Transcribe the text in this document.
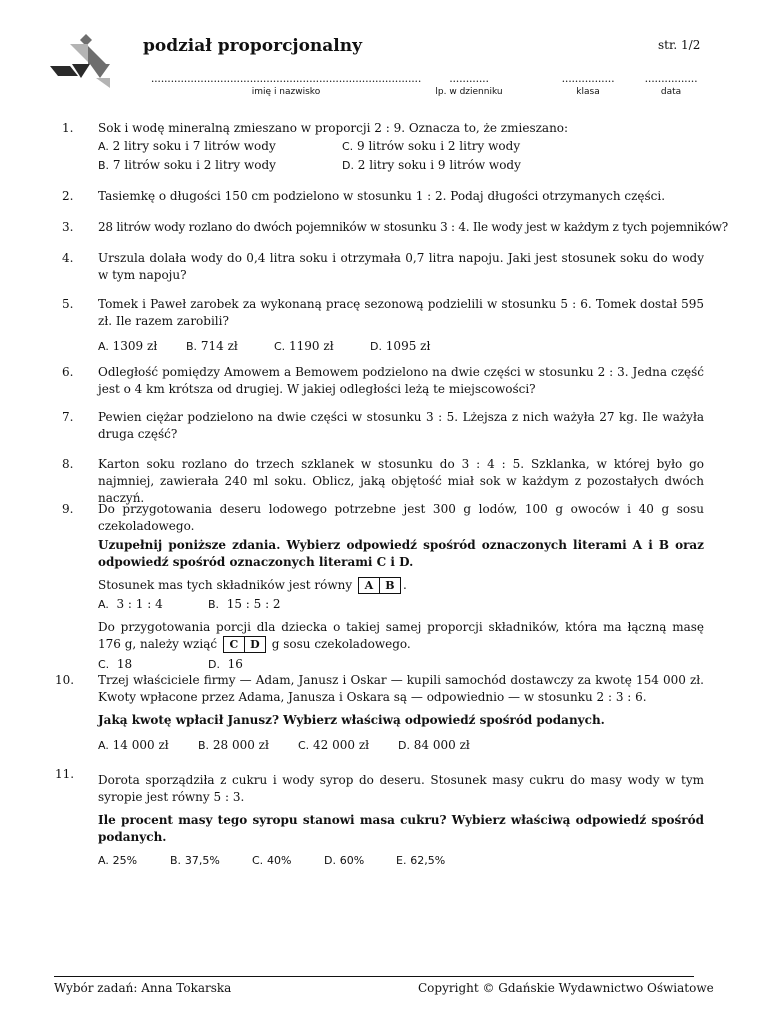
podział proporcjonalny	str. 1/2
..................................................................................
imię i nazwisko
............
lp. w dzienniku
................
klasa
................
data
1.	Sok i wodę mineralną zmieszano w proporcji 2 : 9. Oznacza to, że zmieszano:

A. 2 litry soku i 7 litrów wody	C. 9 litrów soku i 2 litry wody
B. 7 litrów soku i 2 litry wody	D. 2 litry soku i 9 litrów wody
2.	Tasiemkę o długości 150 cm podzielono w stosunku 1 : 2. Podaj długości otrzymanych części.

3.	28 litrów wody rozlano do dwóch pojemników w stosunku 3 : 4. Ile wody jest w każdym z tych pojemników?

4.	Urszula dolała wody do 0,4 litra soku i otrzymała 0,7 litra napoju. Jaki jest stosunek soku do wody w tym napoju?

5.	Tomek i Paweł zarobek za wykonaną pracę sezonową podzielili w stosunku 5 : 6. Tomek dostał 595 zł. Ile razem zarobili?

A. 1309 zł	B. 714 zł	C. 1190 zł	D. 1095 zł
6.	Odległość pomiędzy Amowem a Bemowem podzielono na dwie części w stosunku 2 : 3. Jedna część jest o 4 km krótsza od drugiej. W jakiej odległości leżą te miejscowości?

7.	Pewien ciężar podzielono na dwie części w stosunku 3 : 5. Lżejsza z nich ważyła 27 kg. Ile ważyła druga część?

8.	Karton soku rozlano do trzech szklanek w stosunku do 3 : 4 : 5. Szklanka, w której było go najmniej, zawierała 240 ml soku. Oblicz, jaką objętość miał sok w każdym z pozostałych dwóch naczyń.

9.	Do przygotowania deseru lodowego potrzebne jest 300 g lodów, 100 g owoców i 40 g sosu czekoladowego.

Uzupełnij poniższe zdania. Wybierz odpowiedź spośród oznaczonych literami A i B oraz odpowiedź spośród oznaczonych literami C i D.

Stosunek mas tych składników jest równy	A	B .

A. 3 : 1 : 4	B. 15 : 5 : 2

Do przygotowania porcji dla dziecka o takiej samej proporcji składników, która ma łączną masę 176 g, należy wziąć	C	D	g sosu czekoladowego.

C. 18	D. 16
10. Trzej właściciele firmy — Adam, Janusz i Oskar — kupili samochód dostawczy za kwotę 154 000 zł. Kwoty wpłacone przez Adama, Janusza i Oskara są — odpowiednio — w stosunku 2 : 3 : 6.

Jaką kwotę wpłacił Janusz? Wybierz właściwą odpowiedź spośród podanych.

A. 14 000 zł	B. 28 000 zł	C. 42 000 zł	D. 84 000 zł
11. Dorota sporządziła z cukru i wody syrop do deseru. Stosunek masy cukru do masy wody w tym syropie jest równy 5 : 3.

Ile procent masy tego syropu stanowi masa cukru? Wybierz właściwą odpowiedź spośród podanych.

A. 25%	B. 37,5%	C. 40%	D. 60%	E. 62,5%
Wybór zadań: Anna Tokarska	Copyright © Gdańskie Wydawnictwo Oświatowe
